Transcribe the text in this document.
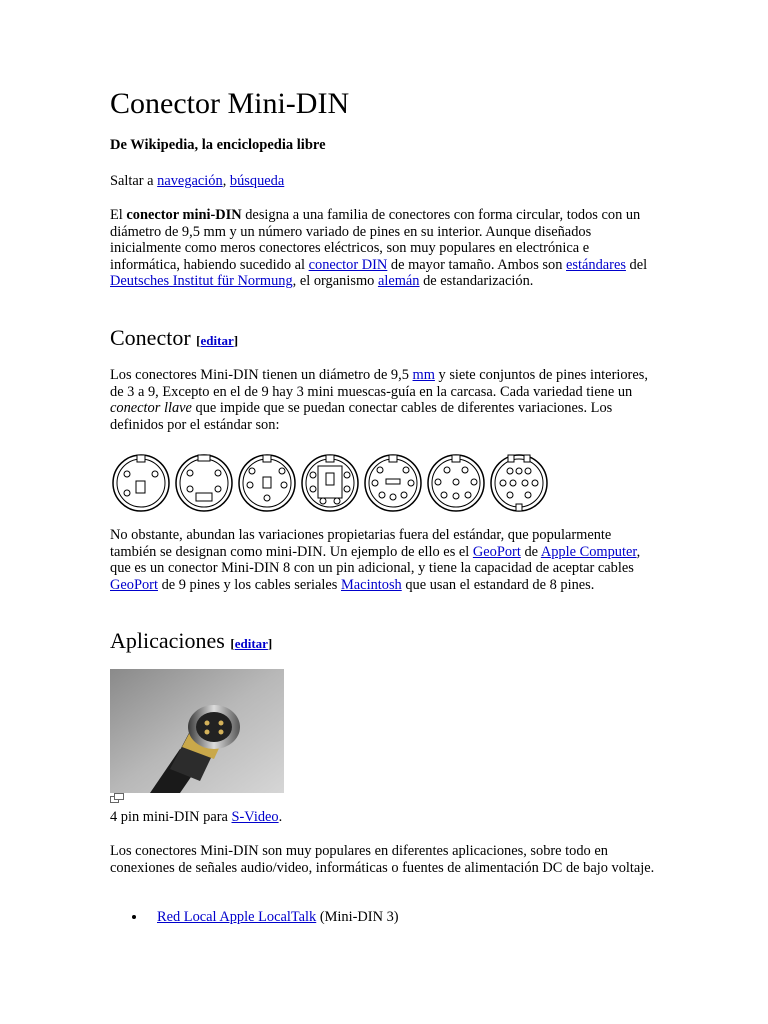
Conector Mini-DIN
De Wikipedia, la enciclopedia libre
Saltar a navegación, búsqueda
El conector mini-DIN designa a una familia de conectores con forma circular, todos con un diámetro de 9,5 mm y un número variado de pines en su interior. Aunque diseñados inicialmente como meros conectores eléctricos, son muy populares en electrónica e informática, habiendo sucedido al conector DIN de mayor tamaño. Ambos son estándares del Deutsches Institut für Normung, el organismo alemán de estandarización.
Conector [editar]
Los conectores Mini-DIN tienen un diámetro de 9,5 mm y siete conjuntos de pines interiores, de 3 a 9, Excepto en el de 9 hay 3 mini muescas-guía en la carcasa. Cada variedad tiene un conector llave que impide que se puedan conectar cables de diferentes variaciones. Los definidos por el estándar son:
No obstante, abundan las variaciones propietarias fuera del estándar, que popularmente también se designan como mini-DIN. Un ejemplo de ello es el GeoPort de Apple Computer, que es un conector Mini-DIN 8 con un pin adicional, y tiene la capacidad de aceptar cables GeoPort de 9 pines y los cables seriales Macintosh que usan el estandard de 8 pines.
Aplicaciones [editar]
4 pin mini-DIN para S-Video.
Los conectores Mini-DIN son muy populares en diferentes aplicaciones, sobre todo en conexiones de señales audio/video, informáticas o fuentes de alimentación DC de bajo voltaje.
Red Local Apple LocalTalk (Mini-DIN 3)
